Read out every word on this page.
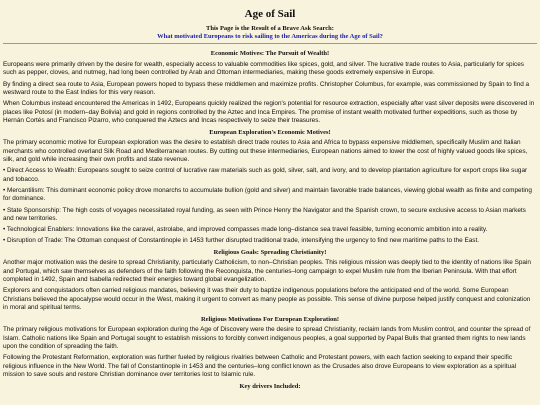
Age of Sail
This Page is the Result of a Brave Ask Search:
What motivated Europeans to risk sailing to the Americas during the Age of Sail?
Economic Motives: The Pursuit of Wealth!

Europeans were primarily driven by the desire for wealth, especially access to valuable commodities like spices, gold, and silver. The lucrative trade routes to Asia, particularly for spices such as pepper, cloves, and nutmeg, had long been controlled by Arab and Ottoman intermediaries, making these goods extremely expensive in Europe.

By finding a direct sea route to Asia, European powers hoped to bypass these middlemen and maximize profits. Christopher Columbus, for example, was commissioned by Spain to find a westward route to the East Indies for this very reason.

When Columbus instead encountered the Americas in 1492, Europeans quickly realized the region's potential for resource extraction, especially after vast silver deposits were discovered in places like Potosí (in modern–day Bolivia) and gold in regions controlled by the Aztec and Inca Empires. The promise of instant wealth motivated further expeditions, such as those by Hernán Cortés and Francisco Pizarro, who conquered the Aztecs and Incas respectively to seize their treasures.

European Exploration's Economic Motives!

The primary economic motive for European exploration was the desire to establish direct trade routes to Asia and Africa to bypass expensive middlemen, specifically Muslim and Italian merchants who controlled overland Silk Road and Mediterranean routes. By cutting out these intermediaries, European nations aimed to lower the cost of highly valued goods like spices, silk, and gold while increasing their own profits and state revenue.

• Direct Access to Wealth: Europeans sought to seize control of lucrative raw materials such as gold, silver, salt, and ivory, and to develop plantation agriculture for export crops like sugar and tobacco.

• Mercantilism: This dominant economic policy drove monarchs to accumulate bullion (gold and silver) and maintain favorable trade balances, viewing global wealth as finite and competing for dominance.

• State Sponsorship: The high costs of voyages necessitated royal funding, as seen with Prince Henry the Navigator and the Spanish crown, to secure exclusive access to Asian markets and new territories.

• Technological Enablers: Innovations like the caravel, astrolabe, and improved compasses made long–distance sea travel feasible, turning economic ambition into a reality.

• Disruption of Trade: The Ottoman conquest of Constantinople in 1453 further disrupted traditional trade, intensifying the urgency to find new maritime paths to the East.

Religious Goals: Spreading Christianity!

Another major motivation was the desire to spread Christianity, particularly Catholicism, to non–Christian peoples. This religious mission was deeply tied to the identity of nations like Spain and Portugal, which saw themselves as defenders of the faith following the Reconquista, the centuries–long campaign to expel Muslim rule from the Iberian Peninsula. With that effort completed in 1492, Spain and Isabella redirected their energies toward global evangelization.

Explorers and conquistadors often carried religious mandates, believing it was their duty to baptize indigenous populations before the anticipated end of the world. Some European Christians believed the apocalypse would occur in the West, making it urgent to convert as many people as possible. This sense of divine purpose helped justify conquest and colonization in moral and spiritual terms.

Religious Motivations For European Exploration!

The primary religious motivations for European exploration during the Age of Discovery were the desire to spread Christianity, reclaim lands from Muslim control, and counter the spread of Islam. Catholic nations like Spain and Portugal sought to establish missions to forcibly convert indigenous peoples, a goal supported by Papal Bulls that granted them rights to new lands upon the condition of spreading the faith.

Following the Protestant Reformation, exploration was further fueled by religious rivalries between Catholic and Protestant powers, with each faction seeking to expand their specific religious influence in the New World. The fall of Constantinople in 1453 and the centuries–long conflict known as the Crusades also drove Europeans to view exploration as a spiritual mission to save souls and restore Christian dominance over territories lost to Islamic rule.

Key drivers Included:
